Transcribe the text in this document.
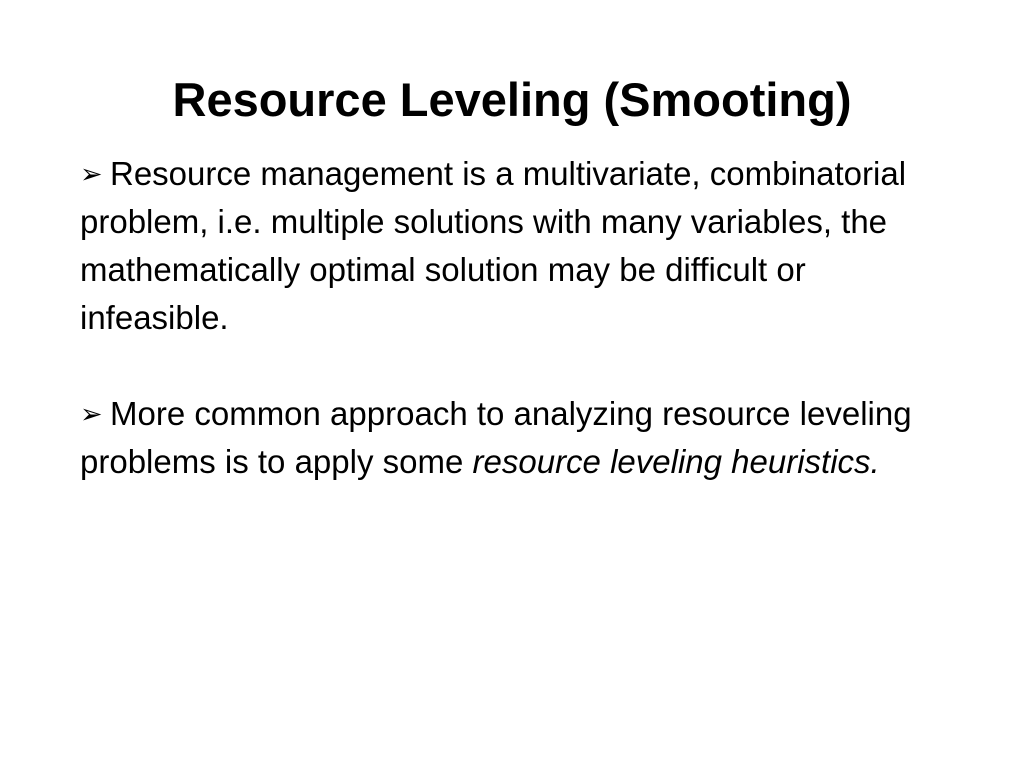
Resource Leveling (Smooting)
➢ Resource management is a multivariate, combinatorial problem, i.e. multiple solutions with many variables, the mathematically optimal solution may be difficult or infeasible.
➢ More common approach to analyzing resource leveling problems is to apply some resource leveling heuristics.
